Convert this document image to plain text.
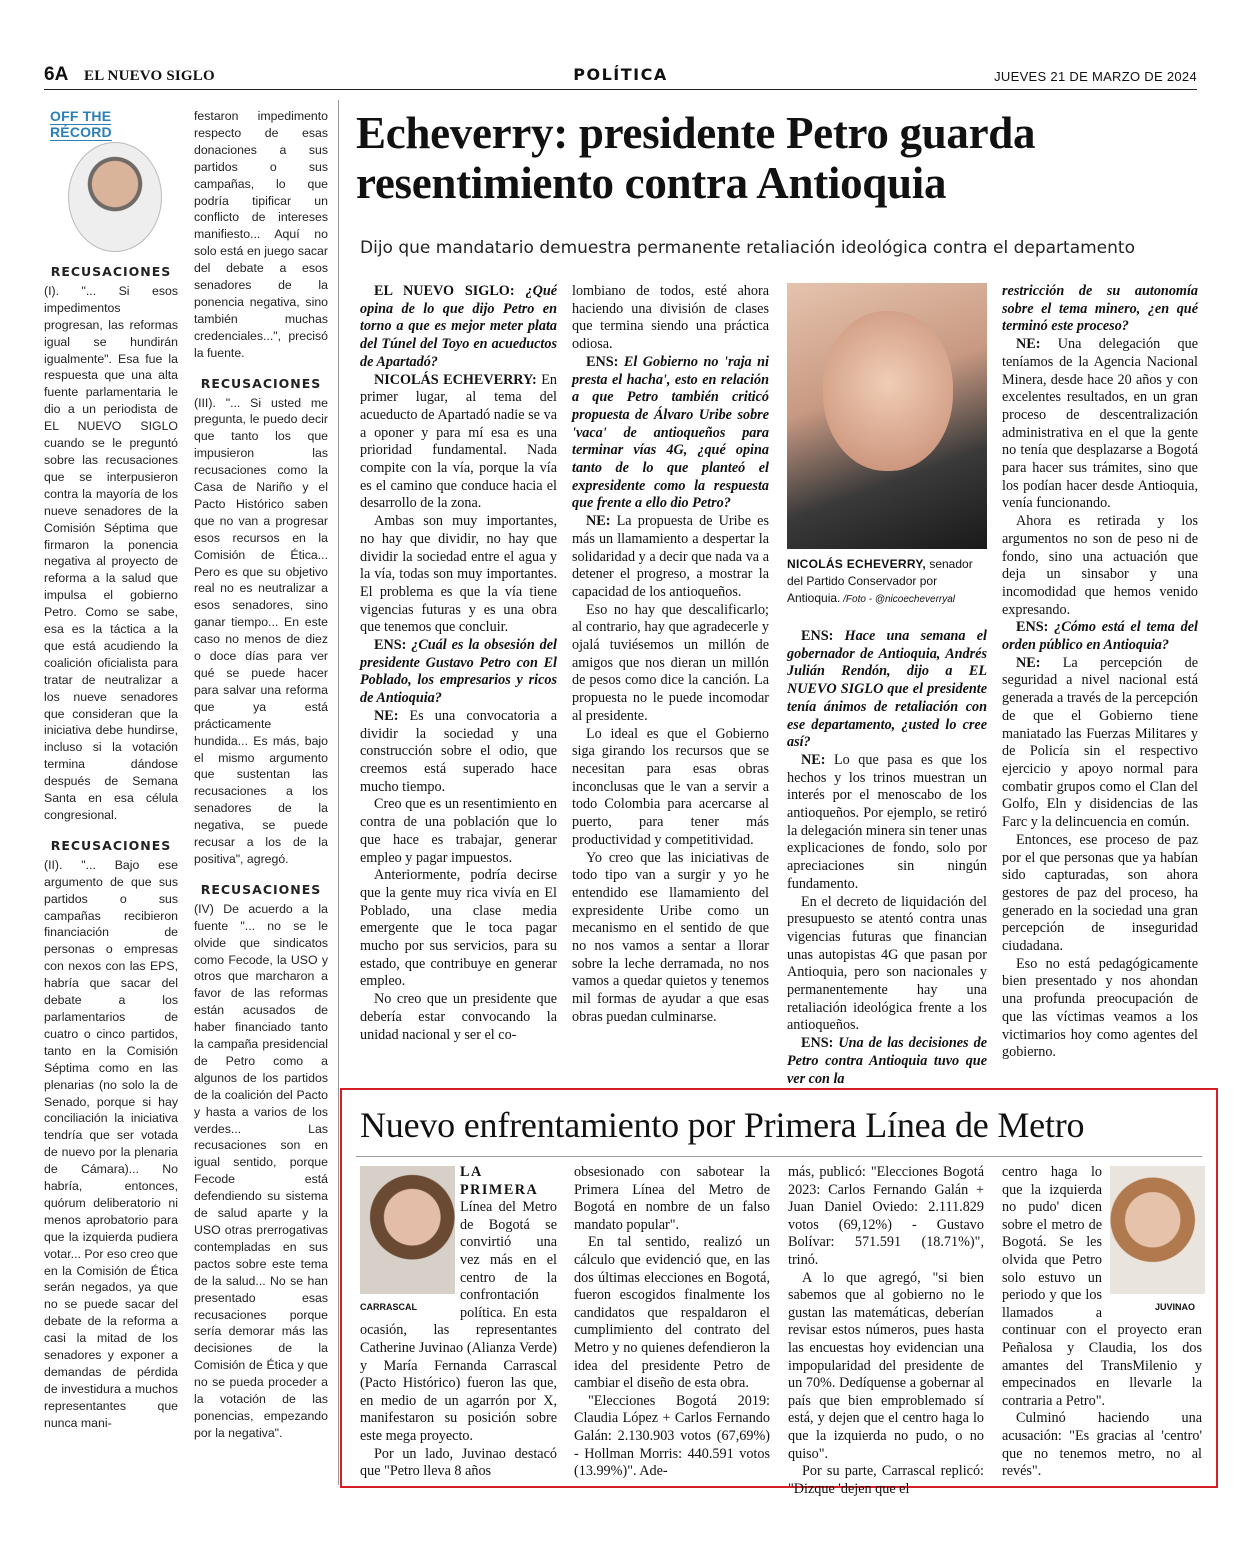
6A EL NUEVO SIGLO	POLÍTICA	JUEVES 21 DE MARZO DE 2024
OFF THE RÉCORD
RECUSACIONES

(I). "... Si esos impedimentos progresan, las reformas igual se hundirán igualmente". Esa fue la respuesta que una alta fuente parlamentaria le dio a un periodista de EL NUEVO SIGLO cuando se le preguntó sobre las recusaciones que se interpusieron contra la mayoría de los nueve senadores de la Comisión Séptima que firmaron la ponencia negativa al proyecto de reforma a la salud que impulsa el gobierno Petro. Como se sabe, esa es la táctica a la que está acudiendo la coalición oficialista para tratar de neutralizar a los nueve senadores que consideran que la iniciativa debe hundirse, incluso si la votación termina dándose después de Semana Santa en esa célula congresional.

RECUSACIONES

(II). "... Bajo ese argumento de que sus partidos o sus campañas recibieron financiación de personas o empresas con nexos con las EPS, habría que sacar del debate a los parlamentarios de cuatro o cinco partidos, tanto en la Comisión Séptima como en las plenarias (no solo la de Senado, porque si hay conciliación la iniciativa tendría que ser votada de nuevo por la plenaria de Cámara)... No habría, entonces, quórum deliberatorio ni menos aprobatorio para que la izquierda pudiera votar... Por eso creo que en la Comisión de Ética serán negados, ya que no se puede sacar del debate de la reforma a casi la mitad de los senadores y exponer a demandas de pérdida de investidura a muchos representantes que nunca mani-

festaron impedimento respecto de esas donaciones a sus partidos o sus campañas, lo que podría tipificar un conflicto de intereses manifiesto... Aquí no solo está en juego sacar del debate a esos senadores de la ponencia negativa, sino también muchas credenciales...", precisó la fuente.

RECUSACIONES

(III). "... Si usted me pregunta, le puedo decir que tanto los que impusieron las recusaciones como la Casa de Nariño y el Pacto Histórico saben que no van a progresar esos recursos en la Comisión de Ética... Pero es que su objetivo real no es neutralizar a esos senadores, sino ganar tiempo... En este caso no menos de diez o doce días para ver qué se puede hacer para salvar una reforma que ya está prácticamente hundida... Es más, bajo el mismo argumento que sustentan las recusaciones a los senadores de la negativa, se puede recusar a los de la positiva", agregó.

RECUSACIONES

(IV) De acuerdo a la fuente "... no se le olvide que sindicatos como Fecode, la USO y otros que marcharon a favor de las reformas están acusados de haber financiado tanto la campaña presidencial de Petro como a algunos de los partidos de la coalición del Pacto y hasta a varios de los verdes... Las recusaciones son en igual sentido, porque Fecode está defendiendo su sistema de salud aparte y la USO otras prerrogativas contempladas en sus pactos sobre este tema de la salud... No se han presentado esas recusaciones porque sería demorar más las decisiones de la Comisión de Ética y que no se pueda proceder a la votación de las ponencias, empezando por la negativa".

Echeverry: presidente Petro guarda resentimiento contra Antioquia
Dijo que mandatario demuestra permanente retaliación ideológica contra el departamento

EL NUEVO SIGLO: ¿Qué opina de lo que dijo Petro en torno a que es mejor meter plata del Túnel del Toyo en acueductos de Apartadó?

NICOLÁS ECHEVERRY: En primer lugar, al tema del acueducto de Apartadó nadie se va a oponer y para mí esa es una prioridad fundamental. Nada compite con la vía, porque la vía es el camino que conduce hacia el desarrollo de la zona.

Ambas son muy importantes, no hay que dividir, no hay que dividir la sociedad entre el agua y la vía, todas son muy importantes. El problema es que la vía tiene vigencias futuras y es una obra que tenemos que concluir.

ENS: ¿Cuál es la obsesión del presidente Gustavo Petro con El Poblado, los empresarios y ricos de Antioquia?

NE: Es una convocatoria a dividir la sociedad y una construcción sobre el odio, que creemos está superado hace mucho tiempo.

Creo que es un resentimiento en contra de una población que lo que hace es trabajar, generar empleo y pagar impuestos.

Anteriormente, podría decirse que la gente muy rica vivía en El Poblado, una clase media emergente que le toca pagar mucho por sus servicios, para su estado, que contribuye en generar empleo.

No creo que un presidente que debería estar convocando la unidad nacional y ser el co-

lombiano de todos, esté ahora haciendo una división de clases que termina siendo una práctica odiosa.

ENS: El Gobierno no 'raja ni presta el hacha', esto en relación a que Petro también criticó propuesta de Álvaro Uribe sobre 'vaca' de antioqueños para terminar vías 4G, ¿qué opina tanto de lo que planteó el expresidente como la respuesta que frente a ello dio Petro?

NE: La propuesta de Uribe es más un llamamiento a despertar la solidaridad y a decir que nada va a detener el progreso, a mostrar la capacidad de los antioqueños.

Eso no hay que descalificarlo; al contrario, hay que agradecerle y ojalá tuviésemos un millón de amigos que nos dieran un millón de pesos como dice la canción. La propuesta no le puede incomodar al presidente.

Lo ideal es que el Gobierno siga girando los recursos que se necesitan para esas obras inconclusas que le van a servir a todo Colombia para acercarse al puerto, para tener más productividad y competitividad.

Yo creo que las iniciativas de todo tipo van a surgir y yo he entendido ese llamamiento del expresidente Uribe como un mecanismo en el sentido de que no nos vamos a sentar a llorar sobre la leche derramada, no nos vamos a quedar quietos y tenemos mil formas de ayudar a que esas obras puedan culminarse.

NICOLÁS ECHEVERRY, senador del Partido Conservador por Antioquia. /Foto - @nicoecheverryal

ENS: Hace una semana el gobernador de Antioquia, Andrés Julián Rendón, dijo a EL NUEVO SIGLO que el presidente tenía ánimos de retaliación con ese departamento, ¿usted lo cree así?

NE: Lo que pasa es que los hechos y los trinos muestran un interés por el menoscabo de los antioqueños. Por ejemplo, se retiró la delegación minera sin tener unas explicaciones de fondo, solo por apreciaciones sin ningún fundamento.

En el decreto de liquidación del presupuesto se atentó contra unas vigencias futuras que financian unas autopistas 4G que pasan por Antioquia, pero son nacionales y permanentemente hay una retaliación ideológica frente a los antioqueños.

ENS: Una de las decisiones de Petro contra Antioquia tuvo que ver con la

restricción de su autonomía sobre el tema minero, ¿en qué terminó este proceso?

NE: Una delegación que teníamos de la Agencia Nacional Minera, desde hace 20 años y con excelentes resultados, en un gran proceso de descentralización administrativa en el que la gente no tenía que desplazarse a Bogotá para hacer sus trámites, sino que los podían hacer desde Antioquia, venía funcionando.

Ahora es retirada y los argumentos no son de peso ni de fondo, sino una actuación que deja un sinsabor y una incomodidad que hemos venido expresando.

ENS: ¿Cómo está el tema del orden público en Antioquia?

NE: La percepción de seguridad a nivel nacional está generada a través de la percepción de que el Gobierno tiene maniatado las Fuerzas Militares y de Policía sin el respectivo ejercicio y apoyo normal para combatir grupos como el Clan del Golfo, Eln y disidencias de las Farc y la delincuencia en común.

Entonces, ese proceso de paz por el que personas que ya habían sido capturadas, son ahora gestores de paz del proceso, ha generado en la sociedad una gran percepción de inseguridad ciudadana.

Eso no está pedagógicamente bien presentado y nos ahondan una profunda preocupación de que las víctimas veamos a los victimarios hoy como agentes del gobierno.

Nuevo enfrentamiento por Primera Línea de Metro
CARRASCAL

LA PRIMERA Línea del Metro de Bogotá se convirtió una vez más en el centro de la confrontación política. En esta ocasión, las representantes Catherine Juvinao (Alianza Verde) y María Fernanda Carrascal (Pacto Histórico) fueron las que, en medio de un agarrón por X, manifestaron su posición sobre este mega proyecto.

Por un lado, Juvinao destacó que "Petro lleva 8 años

obsesionado con sabotear la Primera Línea del Metro de Bogotá en nombre de un falso mandato popular".

En tal sentido, realizó un cálculo que evidenció que, en las dos últimas elecciones en Bogotá, fueron escogidos finalmente los candidatos que respaldaron el cumplimiento del contrato del Metro y no quienes defendieron la idea del presidente Petro de cambiar el diseño de esta obra.

"Elecciones Bogotá 2019: Claudia López + Carlos Fernando Galán: 2.130.903 votos (67,69%) - Hollman Morris: 440.591 votos (13.99%)". Ade-

más, publicó: "Elecciones Bogotá 2023: Carlos Fernando Galán + Juan Daniel Oviedo: 2.111.829 votos (69,12%) - Gustavo Bolívar: 571.591 (18.71%)", trinó.

A lo que agregó, "si bien sabemos que al gobierno no le gustan las matemáticas, deberían revisar estos números, pues hasta las encuestas hoy evidencian una impopularidad del presidente de un 70%. Dedíquense a gobernar al país que bien emproblemado sí está, y dejen que el centro haga lo que la izquierda no pudo, o no quiso".

Por su parte, Carrascal replicó: "Dizque 'dejen que el

JUVINAO

centro haga lo que la izquierda no pudo' dicen sobre el metro de Bogotá. Se les olvida que Petro solo estuvo un periodo y que los llamados a continuar con el proyecto eran Peñalosa y Claudia, los dos amantes del TransMilenio y empecinados en llevarle la contraria a Petro".

Culminó haciendo una acusación: "Es gracias al 'centro' que no tenemos metro, no al revés".
